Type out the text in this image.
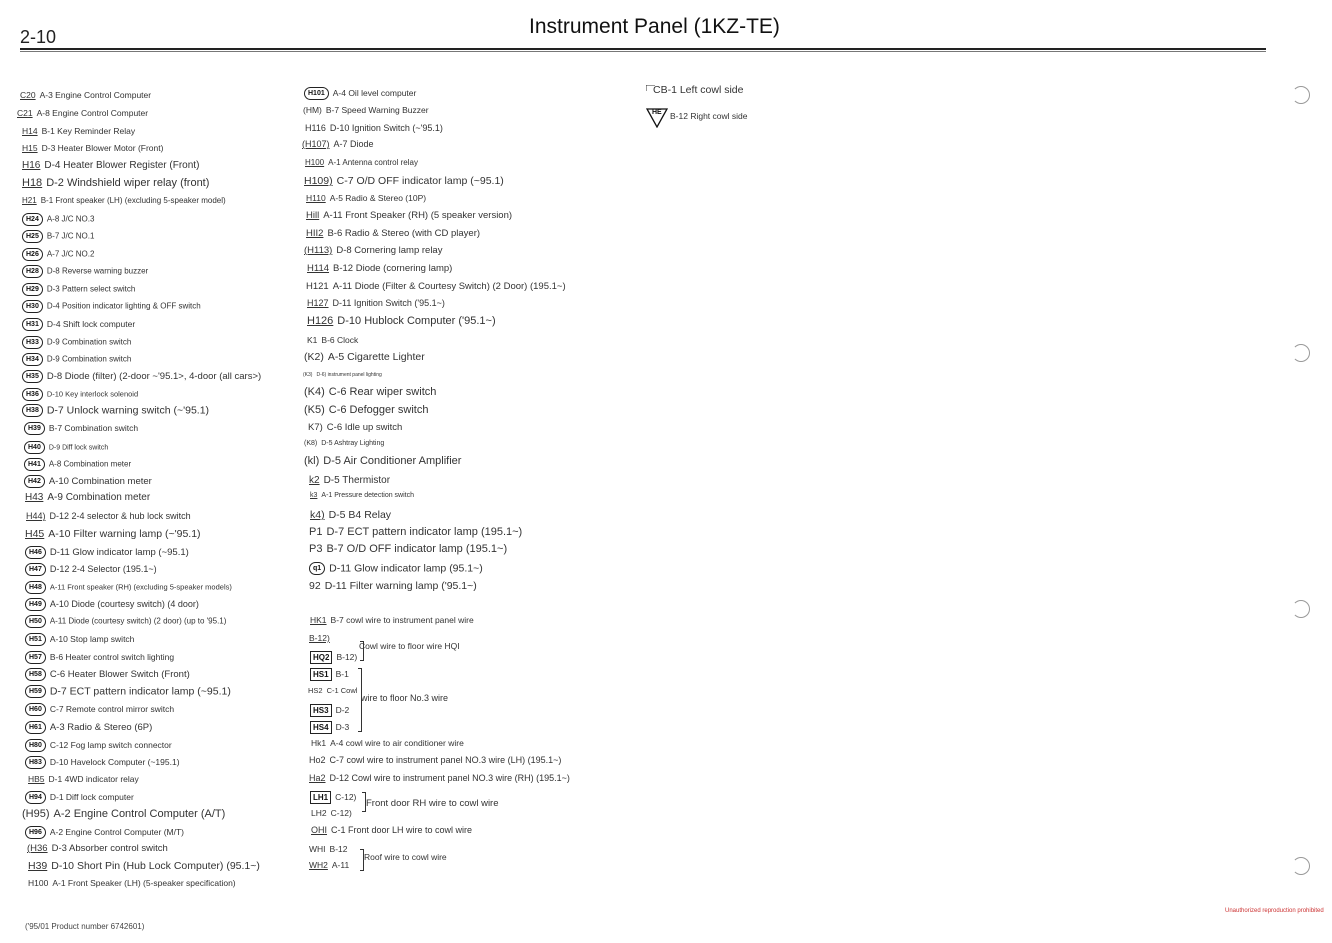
2-10	Instrument Panel (1KZ-TE)
C20 A-3 Engine Control Computer
C21 A-8 Engine Control Computer
H14 B-1 Key Reminder Relay
H15 D-3 Heater Blower Motor (Front)
H16 D-4 Heater Blower Register (Front)
H18 D-2 Windshield wiper relay (front)
H21 B-1 Front speaker (LH) (excluding 5-speaker model)
H24 A-8 J/C NO.3
H25 B-7 J/C NO.1
H26 A-7 J/C NO.2
H28 D-8 Reverse warning buzzer
H29 D-3 Pattern select switch
H30 D-4 Position indicator lighting & OFF switch
H31 D-4 Shift lock computer
H33 D-9 Combination switch
H34 D-9 Combination switch
H35 D-8 Diode (filter) (2-door ~'95.1>, 4-door (all cars>)
H36 D-10 Key interlock solenoid
H38 D-7 Unlock warning switch (~'95.1)
H39 B-7 Combination switch
H40 D-9 Diff lock switch
H41 A-8 Combination meter
H42 A-10 Combination meter
H43 A-9 Combination meter
H44) D-12 2-4 selector & hub lock switch
H45 A-10 Filter warning lamp (~'95.1)
H46 D-11 Glow indicator lamp (~95.1)
H47 D-12 2-4 Selector (195.1~)
H48 A-11 Front speaker (RH) (excluding 5-speaker models)
H49 A-10 Diode (courtesy switch) (4 door)
H50 A-11 Diode (courtesy switch) (2 door) (up to '95.1)
H51 A-10 Stop lamp switch
H57 B-6 Heater control switch lighting
H58 C-6 Heater Blower Switch (Front)
H59 D-7 ECT pattern indicator lamp (~95.1)
H60 C-7 Remote control mirror switch
H61 A-3 Radio & Stereo (6P)
H80 C-12 Fog lamp switch connector
H83 D-10 Havelock Computer (~195.1)
HB5 D-1 4WD indicator relay
H94 D-1 Diff lock computer
(H95) A-2 Engine Control Computer (A/T)
H96 A-2 Engine Control Computer (M/T)
(H36 D-3 Absorber control switch
H39 D-10 Short Pin (Hub Lock Computer) (95.1~)
H100 A-1 Front Speaker (LH) (5-speaker specification)
H101 A-4 Oil level computer
(HM) B-7 Speed Warning Buzzer
H116 D-10 Ignition Switch (~'95.1)
(H107) A-7 Diode
H100 A-1 Antenna control relay
H109) C-7 O/D OFF indicator lamp (~95.1)
H110 A-5 Radio & Stereo (10P)
Hill A-11 Front Speaker (RH) (5 speaker version)
HII2 B-6 Radio & Stereo (with CD player)
(H113) D-8 Cornering lamp relay
H114 B-12 Diode (cornering lamp)
H121 A-11 Diode (Filter & Courtesy Switch) (2 Door) (195.1~)
H127 D-11 Ignition Switch ('95.1~)
H126 D-10 Hublock Computer ('95.1~)
K1 B-6 Clock
(K2) A-5 Cigarette Lighter
(K3) D-6) instrument panel lighting
(K4) C-6 Rear wiper switch
(K5) C-6 Defogger switch
K7) C-6 Idle up switch
(K8) D-5 Ashtray Lighting
(kl) D-5 Air Conditioner Amplifier
k2 D-5 Thermistor
k3 A-1 Pressure detection switch
k4) D-5 B4 Relay
P1 D-7 ECT pattern indicator lamp (195.1~)
P3 B-7 O/D OFF indicator lamp (195.1~)
q1 D-11 Glow indicator lamp (95.1~)
92 D-11 Filter warning lamp ('95.1~)
HK1 B-7 cowl wire to instrument panel wire
B-12)
HQ2 B-12)
HS1 B-1
HS2 C-1 Cowl
HS3 D-2
HS4 D-3
Hk1 A-4 cowl wire to air conditioner wire
Ho2 C-7 cowl wire to instrument panel NO.3 wire (LH) (195.1~)
Ha2 D-12 Cowl wire to instrument panel NO.3 wire (RH) (195.1~)
LH1 C-12)
LH2 C-12)
OHI C-1 Front door LH wire to cowl wire
WHI B-12
WH2 A-11
Cowl wire to floor wire HQI
wire to floor No.3 wire
Front door RH wire to cowl wire
Roof wire to cowl wire
CB-1 Left cowl side
HE B-12 Right cowl side
('95/01 Product number 6742601)
Unauthorized reproduction prohibited
